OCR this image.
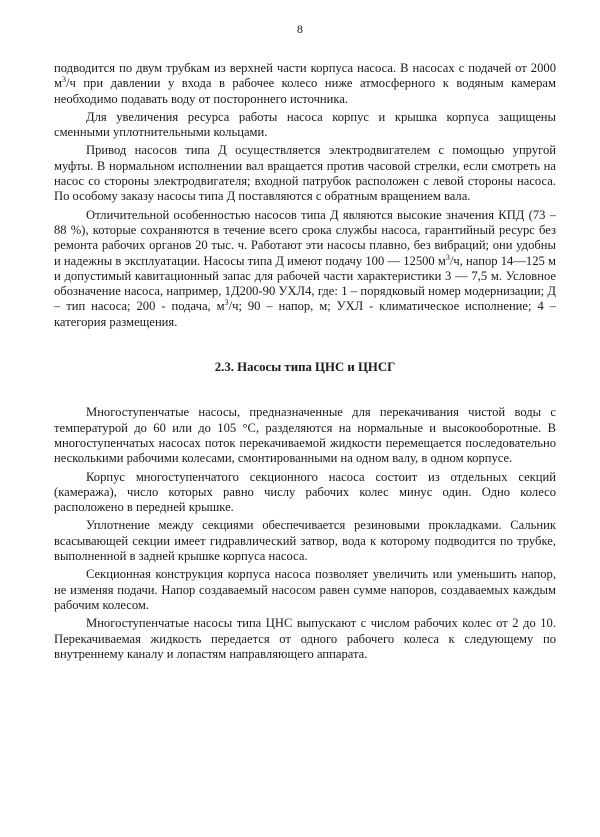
8

подводится по двум трубкам из верхней части корпуса насоса. В насосах с подачей от 2000 $м^3/ч$ при давлении у входа в рабочее колесо ниже атмосферного к водяным камерам необходимо подавать воду от постороннего источника.

Для увеличения ресурса работы насоса корпус и крышка корпуса защищены сменными уплотнительными кольцами.

Привод насосов типа Д осуществляется электродвигателем с помощью упругой муфты. В нормальном исполнении вал вращается против часовой стрелки, если смотреть на насос со стороны электродвигателя; входной патрубок расположен с левой стороны насоса. По особому заказу насосы типа Д поставляются с обратным вращением вала.

Отличительной особенностью насосов типа Д являются высокие значения КПД (73 –88 %), которые сохраняются в течение всего срока службы насоса, гарантийный ресурс без ремонта рабочих органов 20 тыс. ч. Работают эти насосы плавно, без вибраций; они удобны и надежны в эксплуатации. Насосы типа Д имеют подачу 100 — 12500 $м^3/ч$, напор 14—125 м и допустимый кавитационный запас для рабочей части характеристики 3 — 7,5 м. Условное обозначение насоса, например, 1Д200-90 УХЛ4, где: 1 – порядковый номер модернизации; Д – тип насоса; 200 - подача, $м^3/ч$; 90 – напор, м; УХЛ - климатическое исполнение; 4 – категория размещения.

2.3. Насосы типа ЦНС и ЦНСГ

Многоступенчатые насосы, предназначенные для перекачивания чистой воды с температурой до 60 или до 105 °С, разделяются на нормальные и высокооборотные. В многоступенчатых насосах поток перекачиваемой жидкости перемещается последовательно несколькими рабочими колесами, смонтированными на одном валу, в одном корпусе.

Корпус многоступенчатого секционного насоса состоит из отдельных секций (камеража), число которых равно числу рабочих колес минус один. Одно колесо расположено в передней крышке.

Уплотнение между секциями обеспечивается резиновыми прокладками. Сальник всасывающей секции имеет гидравлический затвор, вода к которому подводится по трубке, выполненной в задней крышке корпуса насоса.

Секционная конструкция корпуса насоса позволяет увеличить или уменьшить напор, не изменяя подачи. Напор создаваемый насосом равен сумме напоров, создаваемых каждым рабочим колесом.

Многоступенчатые насосы типа ЦНС выпускают с числом рабочих колес от 2 до 10. Перекачиваемая жидкость передается от одного рабочего колеса к следующему по внутреннему каналу и лопастям направляющего аппарата.
